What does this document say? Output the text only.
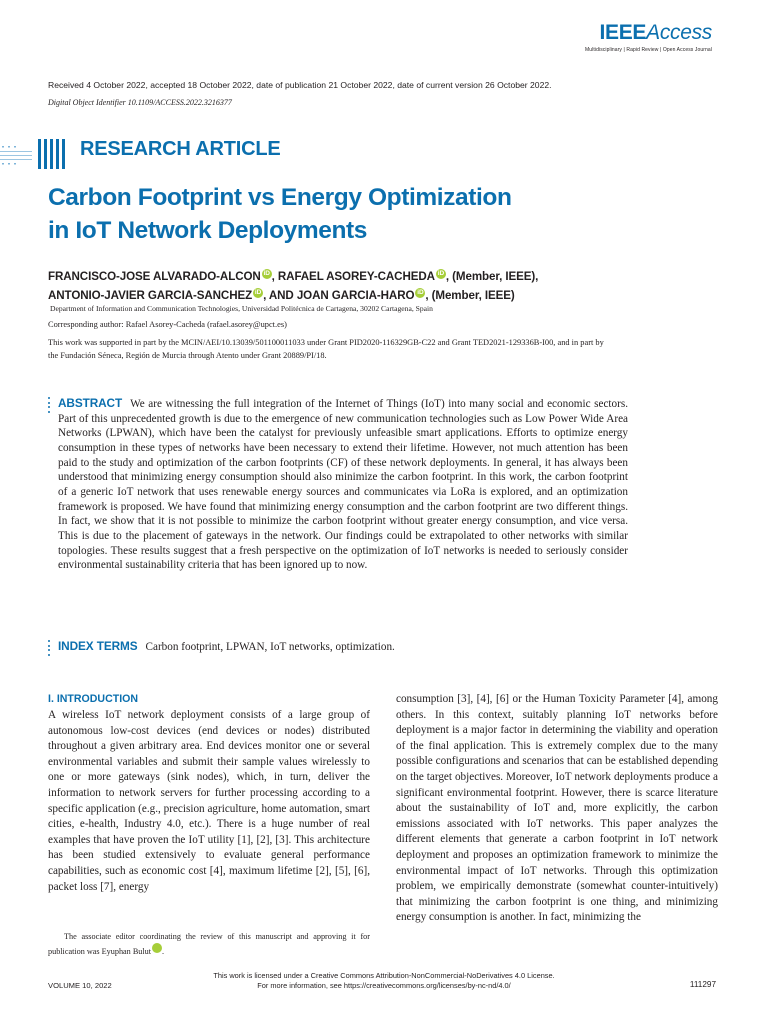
IEEEAccess
Multidisciplinary | Rapid Review | Open Access Journal
Received 4 October 2022, accepted 18 October 2022, date of publication 21 October 2022, date of current version 26 October 2022.
Digital Object Identifier 10.1109/ACCESS.2022.3216377
RESEARCH ARTICLE
Carbon Footprint vs Energy Optimization
in IoT Network Deployments
FRANCISCO-JOSE ALVARADO-ALCON iD , RAFAEL ASOREY-CACHEDA iD , (Member, IEEE),
ANTONIO-JAVIER GARCIA-SANCHEZ iD , AND JOAN GARCIA-HARO iD , (Member, IEEE)
Department of Information and Communication Technologies, Universidad Politécnica de Cartagena, 30202 Cartagena, Spain
Corresponding author: Rafael Asorey-Cacheda (rafael.asorey@upct.es)
This work was supported in part by the MCIN/AEI/10.13039/501100011033 under Grant PID2020-116329GB-C22 and Grant TED2021-129336B-I00, and in part by the Fundación Séneca, Región de Murcia through Atento under Grant 20889/PI/18.
ABSTRACT We are witnessing the full integration of the Internet of Things (IoT) into many social and economic sectors. Part of this unprecedented growth is due to the emergence of new communication technologies such as Low Power Wide Area Networks (LPWAN), which have been the catalyst for previously unfeasible smart applications. Efforts to optimize energy consumption in these types of networks have been necessary to extend their lifetime. However, not much attention has been paid to the study and optimization of the carbon footprints (CF) of these network deployments. In general, it has always been understood that minimizing energy consumption should also minimize the carbon footprint. In this work, the carbon footprint of a generic IoT network that uses renewable energy sources and communicates via LoRa is explored, and an optimization framework is proposed. We have found that minimizing energy consumption and the carbon footprint are two different things. In fact, we show that it is not possible to minimize the carbon footprint without greater energy consumption, and vice versa. This is due to the placement of gateways in the network. Our findings could be extrapolated to other networks with similar topologies. These results suggest that a fresh perspective on the optimization of IoT networks is needed to seriously consider environmental sustainability criteria that has been ignored up to now.
INDEX TERMS Carbon footprint, LPWAN, IoT networks, optimization.
I. INTRODUCTION
A wireless IoT network deployment consists of a large group of autonomous low-cost devices (end devices or nodes) distributed throughout a given arbitrary area. End devices monitor one or several environmental variables and submit their sample values wirelessly to one or more gateways (sink nodes), which, in turn, deliver the information to network servers for further processing according to a specific application (e.g., precision agriculture, home automation, smart cities, e-health, Industry 4.0, etc.). There is a huge number of real examples that have proven the IoT utility [1], [2], [3]. This architecture has been studied extensively to evaluate general performance capabilities, such as economic cost [4], maximum lifetime [2], [5], [6], packet loss [7], energy
consumption [3], [4], [6] or the Human Toxicity Parameter [4], among others. In this context, suitably planning IoT networks before deployment is a major factor in determining the viability and operation of the final application. This is extremely complex due to the many possible configurations and scenarios that can be established depending on the target objectives. Moreover, IoT network deployments produce a significant environmental footprint. However, there is scarce literature about the sustainability of IoT and, more explicitly, the carbon emissions associated with IoT networks. This paper analyzes the different elements that generate a carbon footprint in IoT network deployment and proposes an optimization framework to minimize the environmental impact of IoT networks. Through this optimization problem, we empirically demonstrate (somewhat counter-intuitively) that minimizing the carbon footprint is one thing, and minimizing energy consumption is another. In fact, minimizing the
The associate editor coordinating the review of this manuscript and approving it for publication was Eyuphan Bulut	iD.
This work is licensed under a Creative Commons Attribution-NonCommercial-NoDerivatives 4.0 License.
For more information, see https://creativecommons.org/licenses/by-nc-nd/4.0/
VOLUME 10, 2022	111297
